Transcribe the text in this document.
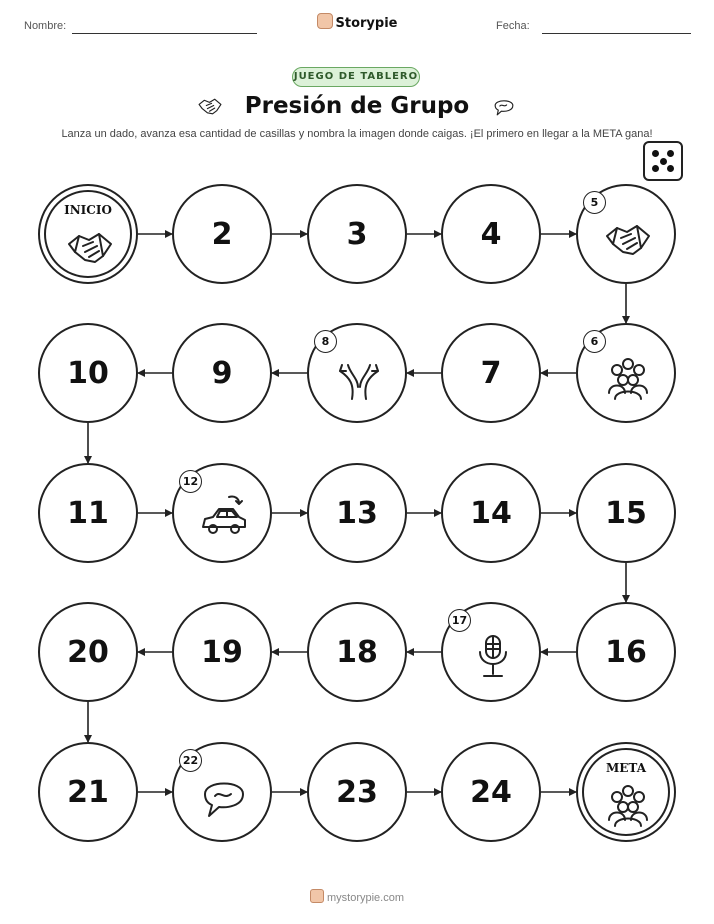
Nombre:	Storypie	Fecha:
JUEGO DE TABLERO
Presión de Grupo
Lanza un dado, avanza esa cantidad de casillas y nombra la imagen donde caigas. ¡El primero en llegar a la META gana!
INICIO
2	3	4
5
6
7
8
9
10
11
12
13	14	15
16
17
18
19
20
21
22
23	24
META
mystorypie.com
